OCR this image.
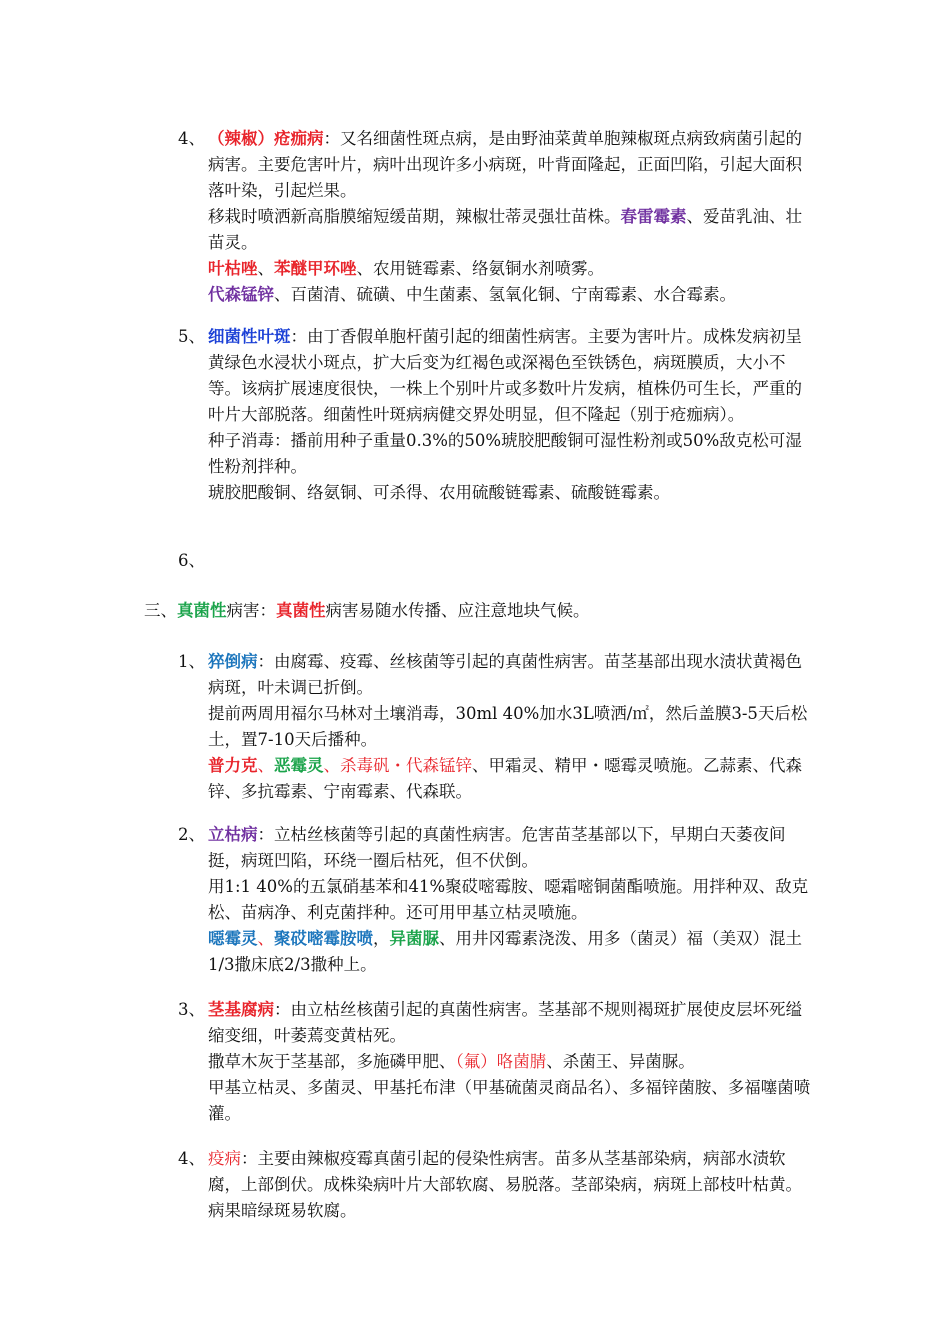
4、 （辣椒）疮痂病：又名细菌性斑点病，是由野油菜黄单胞辣椒斑点病致病菌引起的病害。主要危害叶片，病叶出现许多小病斑，叶背面隆起，正面凹陷，引起大面积落叶染，引起烂果。

移栽时喷洒新高脂膜缩短缓苗期，辣椒壮蒂灵强壮苗株。春雷霉素、爱苗乳油、壮苗灵。

叶枯唑、苯醚甲环唑、农用链霉素、络氨铜水剂喷雾。

代森锰锌、百菌清、硫磺、中生菌素、氢氧化铜、宁南霉素、水合霉素。

5、 细菌性叶斑：由丁香假单胞杆菌引起的细菌性病害。主要为害叶片。成株发病初呈黄绿色水浸状小斑点，扩大后变为红褐色或深褐色至铁锈色，病斑膜质，大小不等。该病扩展速度很快，一株上个别叶片或多数叶片发病，植株仍可生长，严重的叶片大部脱落。细菌性叶斑病病健交界处明显，但不隆起（别于疮痂病）。

种子消毒：播前用种子重量0.3%的50%琥胶肥酸铜可湿性粉剂或50%敌克松可湿性粉剂拌种。

琥胶肥酸铜、络氨铜、可杀得、农用硫酸链霉素、硫酸链霉素。

6、

三、真菌性病害：真菌性病害易随水传播、应注意地块气候。

1、 猝倒病：由腐霉、疫霉、丝核菌等引起的真菌性病害。苗茎基部出现水渍状黄褐色病斑，叶未调已折倒。

提前两周用福尔马林对土壤消毒，30ml 40%加水3L喷洒/㎡，然后盖膜3-5天后松土，置7-10天后播种。

普力克、恶霉灵、杀毒矾・代森锰锌、甲霜灵、精甲・噁霉灵喷施。乙蒜素、代森锌、多抗霉素、宁南霉素、代森联。

2、 立枯病：立枯丝核菌等引起的真菌性病害。危害苗茎基部以下，早期白天萎夜间挺，病斑凹陷，环绕一圈后枯死，但不伏倒。

用1:1 40%的五氯硝基苯和41%聚砹嘧霉胺、噁霜嘧铜菌酯喷施。用拌种双、敌克松、苗病净、利克菌拌种。还可用甲基立枯灵喷施。

噁霉灵、聚砹嘧霉胺喷，异菌脲、用井冈霉素浇泼、用多（菌灵）福（美双）混土1/3撒床底2/3撒种上。

3、 茎基腐病：由立枯丝核菌引起的真菌性病害。茎基部不规则褐斑扩展使皮层坏死缢缩变细，叶萎蔫变黄枯死。

撒草木灰于茎基部，多施磷甲肥、（氟）咯菌腈、杀菌王、异菌脲。

甲基立枯灵、多菌灵、甲基托布津（甲基硫菌灵商品名）、多福锌菌胺、多福噻菌喷灌。

4、 疫病：主要由辣椒疫霉真菌引起的侵染性病害。苗多从茎基部染病，病部水渍软腐，上部倒伏。成株染病叶片大部软腐、易脱落。茎部染病，病斑上部枝叶枯黄。病果暗绿斑易软腐。
